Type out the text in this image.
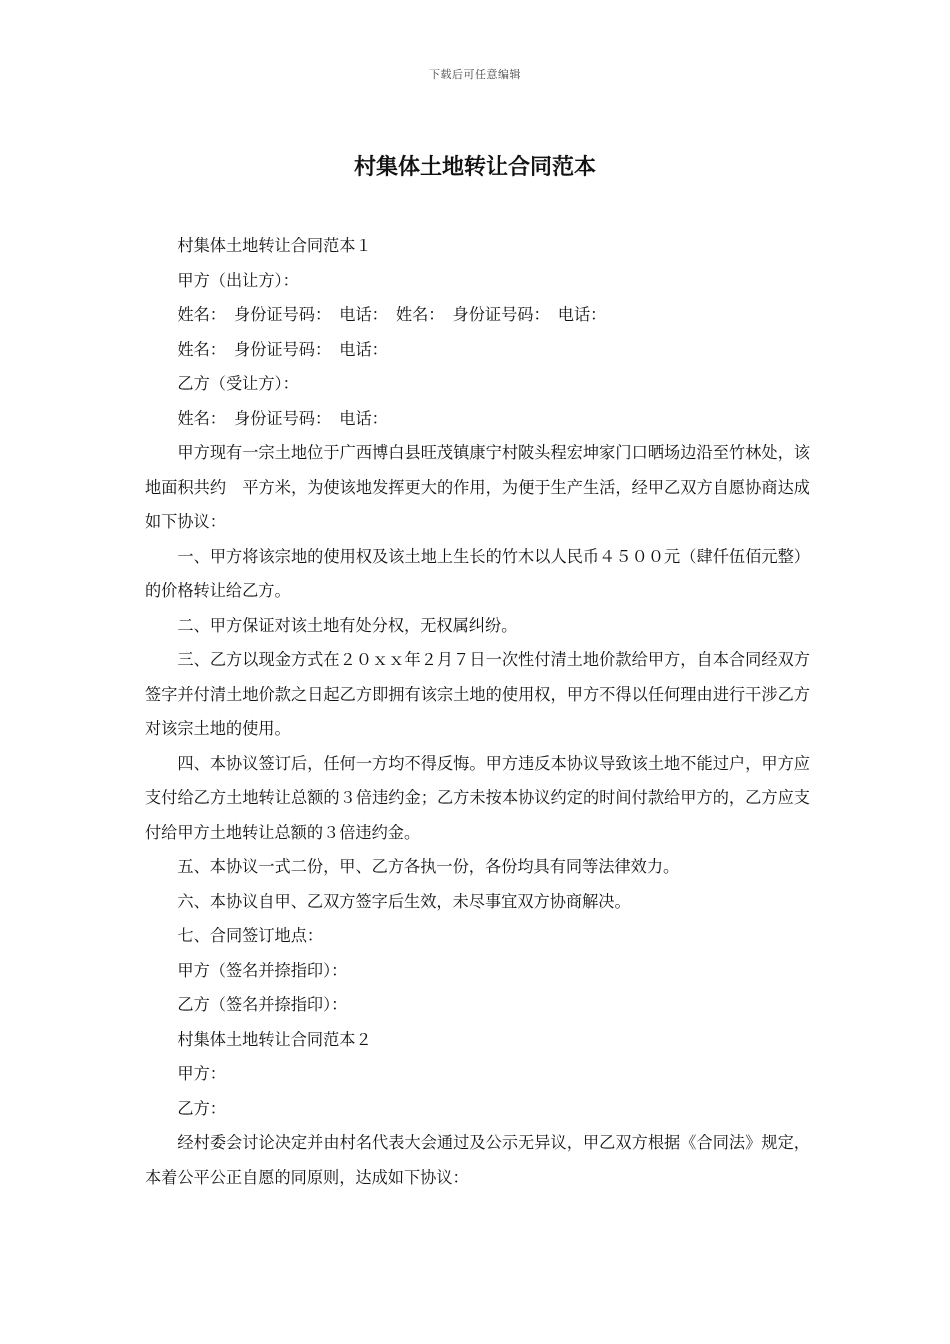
下载后可任意编辑
村集体土地转让合同范本

村集体土地转让合同范本１

甲方（出让方）：

姓名：　身份证号码：　电话：　姓名：　身份证号码：　电话：

姓名：　身份证号码：　电话：

乙方（受让方）：

姓名：　身份证号码：　电话：

甲方现有一宗土地位于广西博白县旺茂镇康宁村陂头程宏坤家门口晒场边沿至竹林处，该地面积共约　平方米，为使该地发挥更大的作用，为便于生产生活，经甲乙双方自愿协商达成如下协议：

一、甲方将该宗地的使用权及该土地上生长的竹木以人民币４５００元（肆仟伍佰元整）的价格转让给乙方。

二、甲方保证对该土地有处分权，无权属纠纷。

三、乙方以现金方式在２０ｘｘ年２月７日一次性付清土地价款给甲方，自本合同经双方签字并付清土地价款之日起乙方即拥有该宗土地的使用权，甲方不得以任何理由进行干涉乙方对该宗土地的使用。

四、本协议签订后，任何一方均不得反悔。甲方违反本协议导致该土地不能过户，甲方应支付给乙方土地转让总额的３倍违约金；乙方未按本协议约定的时间付款给甲方的，乙方应支付给甲方土地转让总额的３倍违约金。

五、本协议一式二份，甲、乙方各执一份，各份均具有同等法律效力。

六、本协议自甲、乙双方签字后生效，未尽事宜双方协商解决。

七、合同签订地点：

甲方（签名并捺指印）：

乙方（签名并捺指印）：

村集体土地转让合同范本２

甲方：

乙方：

经村委会讨论决定并由村名代表大会通过及公示无异议，甲乙双方根据《合同法》规定，本着公平公正自愿的同原则，达成如下协议：
